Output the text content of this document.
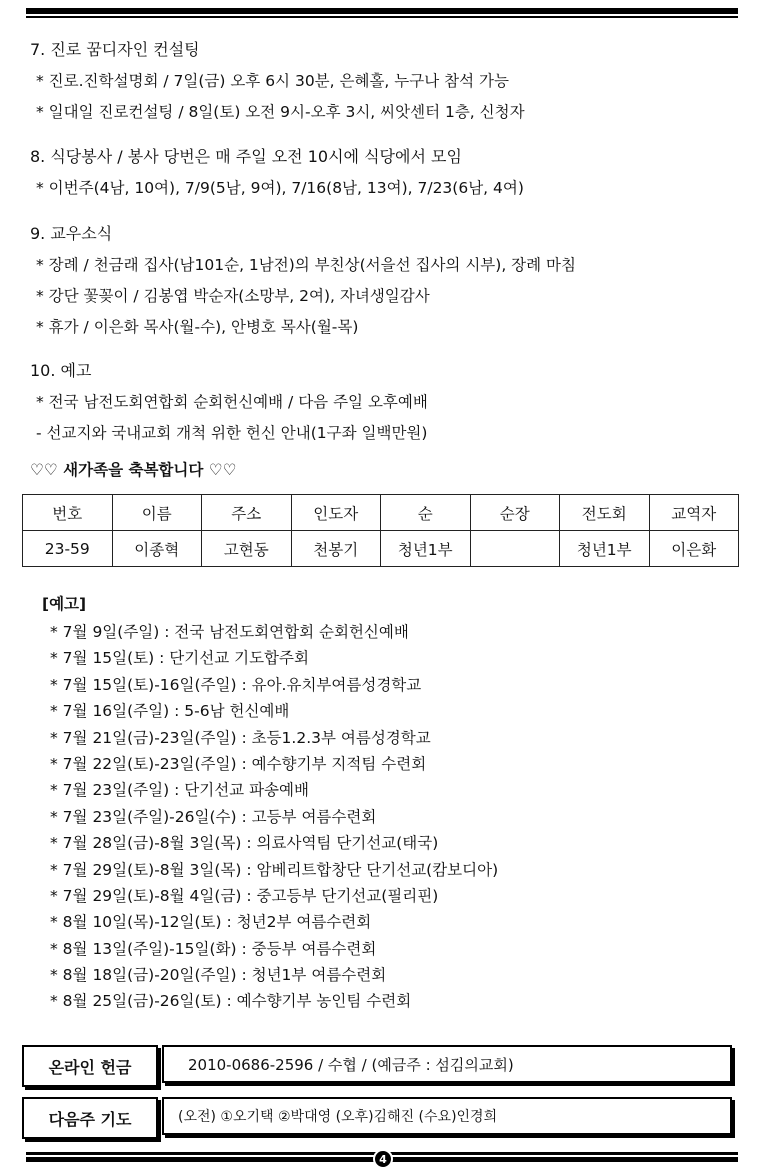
7. 진로 꿈디자인 컨설팅
* 진로.진학설명회 / 7일(금) 오후 6시 30분, 은혜홀, 누구나 참석 가능
* 일대일 진로컨설팅 / 8일(토) 오전 9시-오후 3시, 씨앗센터 1층, 신청자
8. 식당봉사 / 봉사 당번은 매 주일 오전 10시에 식당에서 모임
* 이번주(4남, 10여), 7/9(5남, 9여), 7/16(8남, 13여), 7/23(6남, 4여)
9. 교우소식
* 장례 / 천금래 집사(남101순, 1남전)의 부친상(서을선 집사의 시부), 장례 마침
* 강단 꽃꽂이 / 김봉엽 박순자(소망부, 2여), 자녀생일감사
* 휴가 / 이은화 목사(월-수), 안병호 목사(월-목)
10. 예고
* 전국 남전도회연합회 순회헌신예배 / 다음 주일 오후예배
- 선교지와 국내교회 개척 위한 헌신 안내(1구좌 일백만원)
♡♡ 새가족을 축복합니다 ♡♡
번호	이름	주소	인도자	순	순장	전도회	교역자
23-59	이종혁	고현동	천봉기	청년1부		청년1부	이은화
[예고]
* 7월 9일(주일) : 전국 남전도회연합회 순회헌신예배
* 7월 15일(토) : 단기선교 기도합주회
* 7월 15일(토)-16일(주일) : 유아.유치부여름성경학교
* 7월 16일(주일) : 5-6남 헌신예배
* 7월 21일(금)-23일(주일) : 초등1.2.3부 여름성경학교
* 7월 22일(토)-23일(주일) : 예수향기부 지적팀 수련회
* 7월 23일(주일) : 단기선교 파송예배
* 7월 23일(주일)-26일(수) : 고등부 여름수련회
* 7월 28일(금)-8월 3일(목) : 의료사역팀 단기선교(태국)
* 7월 29일(토)-8월 3일(목) : 암베리트합창단 단기선교(캄보디아)
* 7월 29일(토)-8월 4일(금) : 중고등부 단기선교(필리핀)
* 8월 10일(목)-12일(토) : 청년2부 여름수련회
* 8월 13일(주일)-15일(화) : 중등부 여름수련회
* 8월 18일(금)-20일(주일) : 청년1부 여름수련회
* 8월 25일(금)-26일(토) : 예수향기부 농인팀 수련회
온라인 헌금	2010-0686-2596 / 수협 / (예금주 : 섬김의교회)
다음주 기도	(오전) ①오기택 ②박대영 (오후)김해진 (수요)인경희
4
